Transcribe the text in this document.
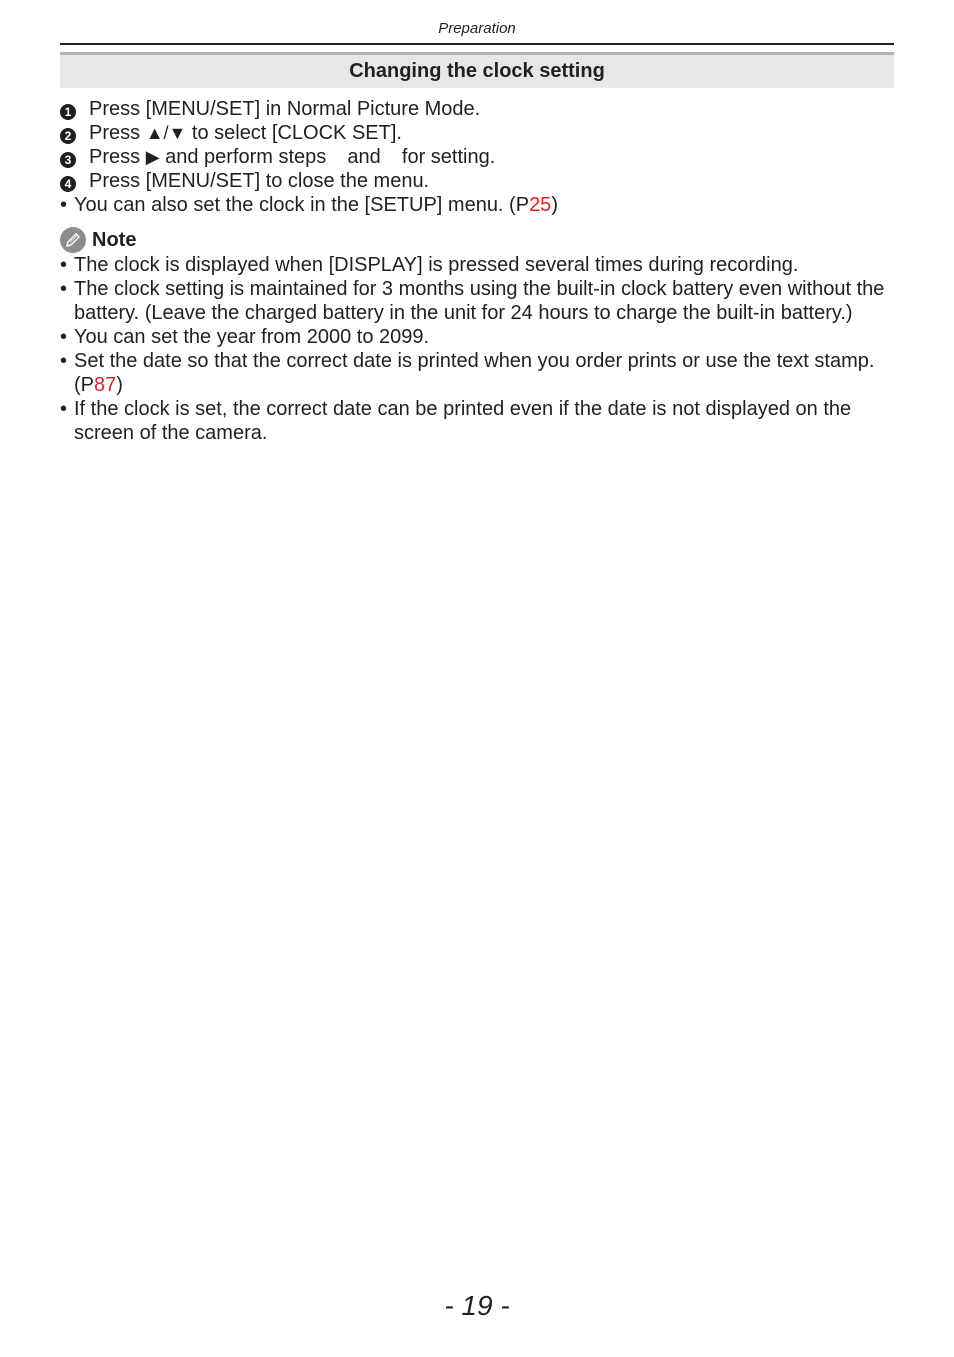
Preparation
Changing the clock setting
1 Press [MENU/SET] in Normal Picture Mode.
2 Press ▲/▼ to select [CLOCK SET].
3 Press ▶ and perform steps  and  for setting.
4 Press [MENU/SET] to close the menu.
• You can also set the clock in the [SETUP] menu. (P25)
Note
• The clock is displayed when [DISPLAY] is pressed several times during recording.
• The clock setting is maintained for 3 months using the built-in clock battery even without the battery. (Leave the charged battery in the unit for 24 hours to charge the built-in battery.)
• You can set the year from 2000 to 2099.
• Set the date so that the correct date is printed when you order prints or use the text stamp. (P87)
• If the clock is set, the correct date can be printed even if the date is not displayed on the screen of the camera.
- 19 -
